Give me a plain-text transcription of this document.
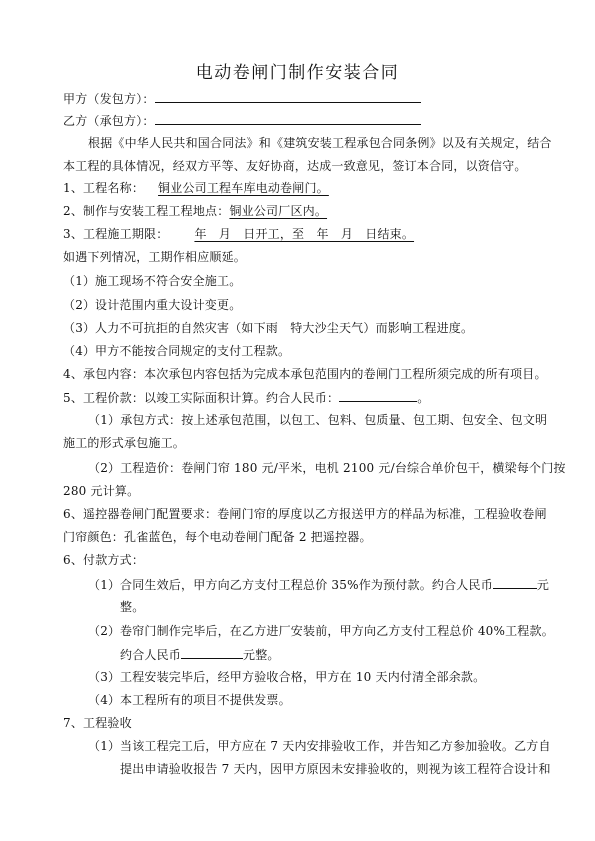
电动卷闸门制作安装合同
甲方（发包方）：
乙方（承包方）：
根据《中华人民共和国合同法》和《建筑安装工程承包合同条例》以及有关规定，结合
本工程的具体情况，经双方平等、友好协商，达成一致意见，签订本合同，以资信守。
1、工程名称： 铜业公司工程车库电动卷闸门。
2、制作与安装工程工程地点：铜业公司厂区内。
3、工程施工期限： 年　月　日开工，至　年　月　日结束。
如遇下列情况，工期作相应顺延。
（1）施工现场不符合安全施工。
（2）设计范围内重大设计变更。
（3）人力不可抗拒的自然灾害（如下雨　特大沙尘天气）而影响工程进度。
（4）甲方不能按合同规定的支付工程款。
4、承包内容：本次承包内容包括为完成本承包范围内的卷闸门工程所须完成的所有项目。
5、工程价款：以竣工实际面积计算。约合人民币：	。
（1）承包方式：按上述承包范围，以包工、包料、包质量、包工期、包安全、包文明
施工的形式承包施工。
（2）工程造价：卷闸门帘 180 元/平米，电机 2100 元/台综合单价包干，横梁每个门按
280 元计算。
6、遥控器卷闸门配置要求：卷闸门帘的厚度以乙方报送甲方的样品为标准，工程验收卷闸
门帘颜色：孔雀蓝色，每个电动卷闸门配备 2 把遥控器。
6、付款方式：
（1）合同生效后，甲方向乙方支付工程总价 35%作为预付款。约合人民币	元
整。
（2）卷帘门制作完毕后，在乙方进厂安装前，甲方向乙方支付工程总价 40%工程款。
约合人民币	元整。
（3）工程安装完毕后，经甲方验收合格，甲方在 10 天内付清全部余款。
（4）本工程所有的项目不提供发票。
7、工程验收
（1）当该工程完工后，甲方应在 7 天内安排验收工作，并告知乙方参加验收。乙方自
提出申请验收报告 7 天内，因甲方原因未安排验收的，则视为该工程符合设计和
